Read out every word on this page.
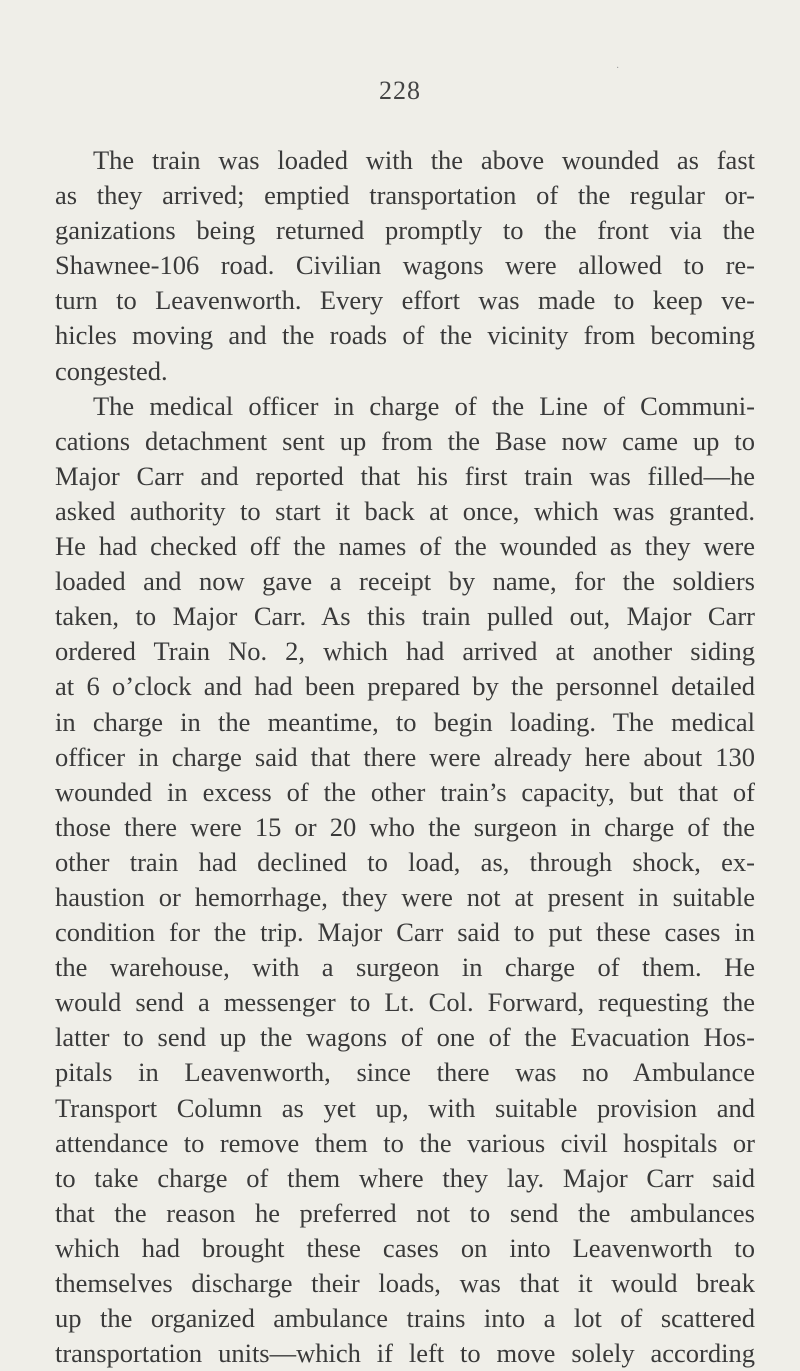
228
·
The train was loaded with the above wounded as fast
as they arrived; emptied transportation of the regular or-
ganizations being returned promptly to the front via the
Shawnee-106 road. Civilian wagons were allowed to re-
turn to Leavenworth. Every effort was made to keep ve-
hicles moving and the roads of the vicinity from becoming
congested.
The medical officer in charge of the Line of Communi-
cations detachment sent up from the Base now came up to
Major Carr and reported that his first train was filled—he
asked authority to start it back at once, which was granted.
He had checked off the names of the wounded as they were
loaded and now gave a receipt by name, for the soldiers
taken, to Major Carr. As this train pulled out, Major Carr
ordered Train No. 2, which had arrived at another siding
at 6 o’clock and had been prepared by the personnel detailed
in charge in the meantime, to begin loading. The medical
officer in charge said that there were already here about 130
wounded in excess of the other train’s capacity, but that of
those there were 15 or 20 who the surgeon in charge of the
other train had declined to load, as, through shock, ex-
haustion or hemorrhage, they were not at present in suitable
condition for the trip. Major Carr said to put these cases in
the warehouse, with a surgeon in charge of them. He
would send a messenger to Lt. Col. Forward, requesting the
latter to send up the wagons of one of the Evacuation Hos-
pitals in Leavenworth, since there was no Ambulance
Transport Column as yet up, with suitable provision and
attendance to remove them to the various civil hospitals or
to take charge of them where they lay. Major Carr said
that the reason he preferred not to send the ambulances
which had brought these cases on into Leavenworth to
themselves discharge their loads, was that it would break
up the organized ambulance trains into a lot of scattered
transportation units—which if left to move solely according
